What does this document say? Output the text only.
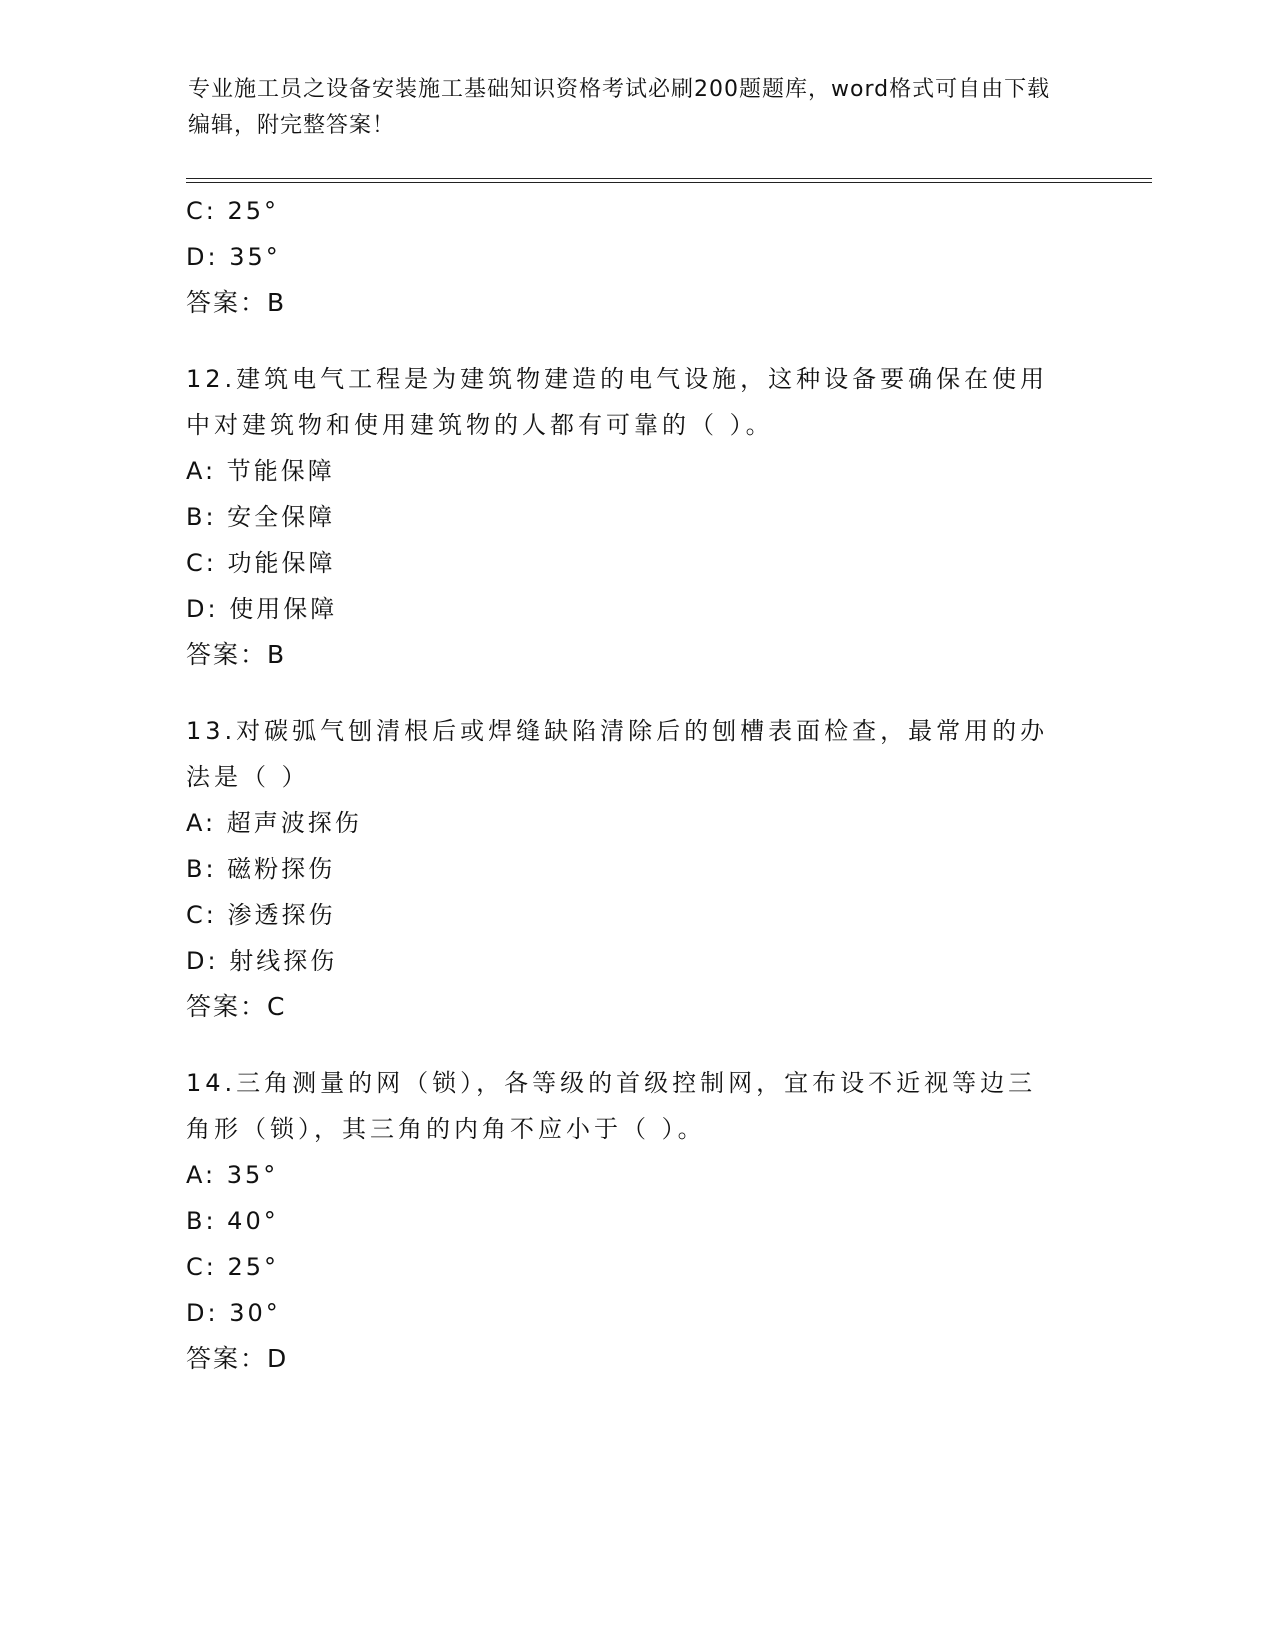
专业施工员之设备安装施工基础知识资格考试必刷200题题库，word格式可自由下载编辑，附完整答案！
C: 25°
D: 35°
答案：B
12.建筑电气工程是为建筑物建造的电气设施，这种设备要确保在使用
中对建筑物和使用建筑物的人都有可靠的（ ）。
A: 节能保障
B: 安全保障
C: 功能保障
D: 使用保障
答案：B
13.对碳弧气刨清根后或焊缝缺陷清除后的刨槽表面检查，最常用的办
法是（ ）
A: 超声波探伤
B: 磁粉探伤
C: 渗透探伤
D: 射线探伤
答案：C
14.三角测量的网（锁），各等级的首级控制网，宜布设不近视等边三
角形（锁），其三角的内角不应小于（ ）。
A: 35°
B: 40°
C: 25°
D: 30°
答案：D
